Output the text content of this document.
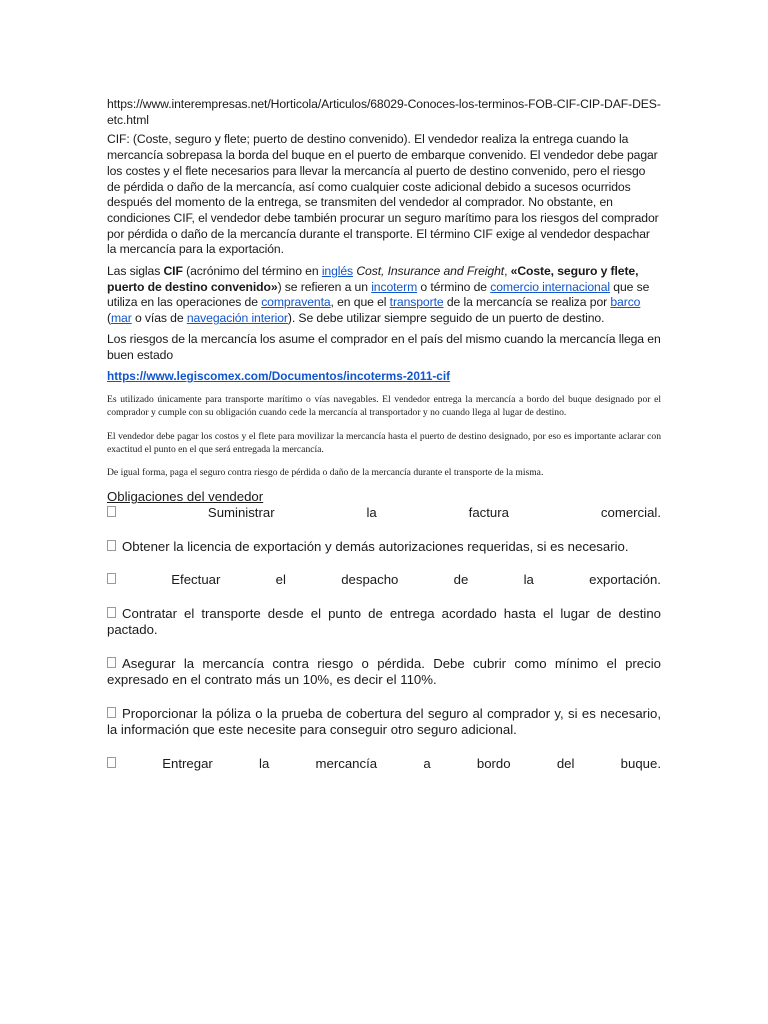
https://www.interempresas.net/Horticola/Articulos/68029-Conoces-los-terminos-FOB-CIF-CIP-DAF-DES-etc.html

CIF: (Coste, seguro y flete; puerto de destino convenido). El vendedor realiza la entrega cuando la mercancía sobrepasa la borda del buque en el puerto de embarque convenido. El vendedor debe pagar los costes y el flete necesarios para llevar la mercancía al puerto de destino convenido, pero el riesgo de pérdida o daño de la mercancía, así como cualquier coste adicional debido a sucesos ocurridos después del momento de la entrega, se transmiten del vendedor al comprador. No obstante, en condiciones CIF, el vendedor debe también procurar un seguro marítimo para los riesgos del comprador por pérdida o daño de la mercancía durante el transporte. El término CIF exige al vendedor despachar la mercancía para la exportación.

Las siglas CIF (acrónimo del término en inglés Cost, Insurance and Freight, «Coste, seguro y flete, puerto de destino convenido») se refieren a un incoterm o término de comercio internacional que se utiliza en las operaciones de compraventa, en que el transporte de la mercancía se realiza por barco (mar o vías de navegación interior). Se debe utilizar siempre seguido de un puerto de destino.

Los riesgos de la mercancía los asume el comprador en el país del mismo cuando la mercancía llega en buen estado

https://www.legiscomex.com/Documentos/incoterms-2011-cif

Es utilizado únicamente para transporte marítimo o vías navegables. El vendedor entrega la mercancía a bordo del buque designado por el comprador y cumple con su obligación cuando cede la mercancía al transportador y no cuando llega al lugar de destino.

El vendedor debe pagar los costos y el flete para movilizar la mercancía hasta el puerto de destino designado, por eso es importante aclarar con exactitud el punto en el que será entregada la mercancía.

De igual forma, paga el seguro contra riesgo de pérdida o daño de la mercancía durante el transporte de la misma.

Obligaciones del vendedor
Suministrar	la	factura	comercial.
Obtener la licencia de exportación y demás autorizaciones requeridas, si es necesario.
Efectuar	el	despacho	de	la	exportación.
Contratar el transporte desde el punto de entrega acordado hasta el lugar de destino pactado.
Asegurar la mercancía contra riesgo o pérdida. Debe cubrir como mínimo el precio expresado en el contrato más un 10%, es decir el 110%.
Proporcionar la póliza o la prueba de cobertura del seguro al comprador y, si es necesario, la información que este necesite para conseguir otro seguro adicional.
Entregar	la	mercancía	a	bordo	del	buque.
